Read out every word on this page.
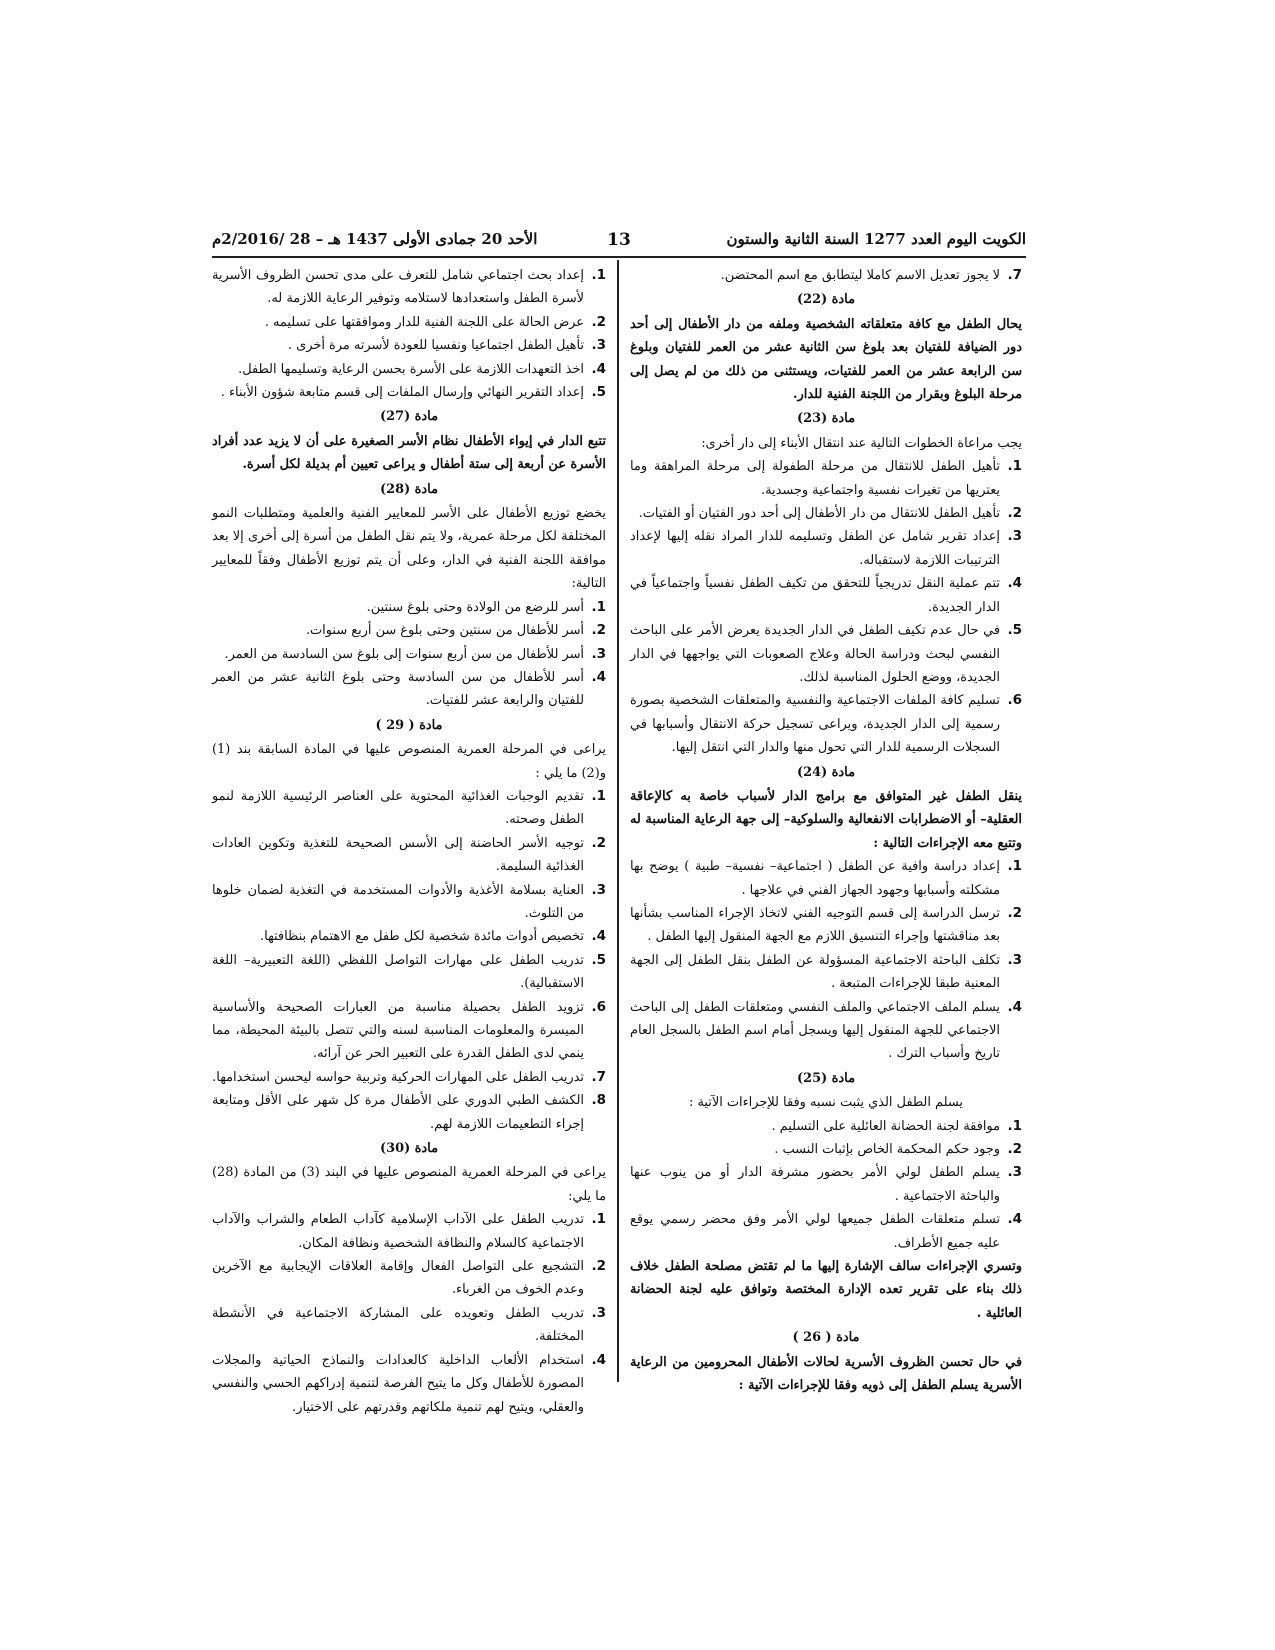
الكويت اليوم العدد 1277 السنة الثانية والستون
13
الأحد 20 جمادى الأولى 1437 هـ – 28 /2/2016م
7.
لا يجوز تعديل الاسم كاملا ليتطابق مع اسم المحتضن.
مادة (22)

يحال الطفل مع كافة متعلقاته الشخصية وملفه من دار الأطفال إلى أحد دور الضيافة للفتيان بعد بلوغ سن الثانية عشر من العمر للفتيان وبلوغ سن الرابعة عشر من العمر للفتيات، ويستثنى من ذلك من لم يصل إلى مرحلة البلوغ وبقرار من اللجنة الفنية للدار.

مادة (23)

يجب مراعاة الخطوات التالية عند انتقال الأبناء إلى دار أخرى:

1.
تأهيل الطفل للانتقال من مرحلة الطفولة إلى مرحلة المراهقة وما يعتريها من تغيرات نفسية واجتماعية وجسدية.
2.
تأهيل الطفل للانتقال من دار الأطفال إلى أحد دور الفتيان أو الفتيات.
3.
إعداد تقرير شامل عن الطفل وتسليمه للدار المراد نقله إليها لإعداد الترتيبات اللازمة لاستقباله.
4.
تتم عملية النقل تدريجياً للتحقق من تكيف الطفل نفسياً واجتماعياً في الدار الجديدة.
5.
في حال عدم تكيف الطفل في الدار الجديدة يعرض الأمر على الباحث النفسي لبحث ودراسة الحالة وعلاج الصعوبات التي يواجهها في الدار الجديدة، ووضع الحلول المناسبة لذلك.
6.
تسليم كافة الملفات الاجتماعية والنفسية والمتعلقات الشخصية بصورة رسمية إلى الدار الجديدة، ويراعى تسجيل حركة الانتقال وأسبابها في السجلات الرسمية للدار التي تحول منها والدار التي انتقل إليها.
مادة (24)

ينقل الطفل غير المتوافق مع برامج الدار لأسباب خاصة به كالإعاقة العقلية– أو الاضطرابات الانفعالية والسلوكية– إلى جهة الرعاية المناسبة له وتتبع معه الإجراءات التالية :

1.
إعداد دراسة وافية عن الطفل ( اجتماعية– نفسية– طبية ) يوضح بها مشكلته وأسبابها وجهود الجهاز الفني في علاجها .
2.
ترسل الدراسة إلى قسم التوجيه الفني لاتخاذ الإجراء المناسب بشأنها بعد مناقشتها وإجراء التنسيق اللازم مع الجهة المنقول إليها الطفل .
3.
تكلف الباحثة الاجتماعية المسؤولة عن الطفل بنقل الطفل إلى الجهة المعنية طبقا للإجراءات المتبعة .
4.
يسلم الملف الاجتماعي والملف النفسي ومتعلقات الطفل إلى الباحث الاجتماعي للجهة المنقول إليها ويسجل أمام اسم الطفل بالسجل العام تاريخ وأسباب الترك .
مادة (25)

يسلم الطفل الذي يثبت نسبه وفقا للإجراءات الآتية :

1.
موافقة لجنة الحضانة العائلية على التسليم .
2.
وجود حكم المحكمة الخاص بإثبات النسب .
3.
يسلم الطفل لولي الأمر بحضور مشرفة الدار أو من ينوب عنها والباحثة الاجتماعية .
4.
تسلم متعلقات الطفل جميعها لولي الأمر وفق محضر رسمي يوقع عليه جميع الأطراف.

وتسري الإجراءات سالف الإشارة إليها ما لم تقتض مصلحة الطفل خلاف ذلك بناء على تقرير تعده الإدارة المختصة وتوافق عليه لجنة الحضانة العائلية .

مادة ( 26 )

في حال تحسن الظروف الأسرية لحالات الأطفال المحرومين من الرعاية الأسرية يسلم الطفل إلى ذويه وفقا للإجراءات الآتية :

1.
إعداد بحث اجتماعي شامل للتعرف على مدى تحسن الظروف الأسرية لأسرة الطفل واستعدادها لاستلامه وتوفير الرعاية اللازمة له.
2.
عرض الحالة على اللجنة الفنية للدار وموافقتها على تسليمه .
3.
تأهيل الطفل اجتماعيا ونفسيا للعودة لأسرته مرة أخرى .
4.
اخذ التعهدات اللازمة على الأسرة بحسن الرعاية وتسليمها الطفل.
5.
إعداد التقرير النهائي وإرسال الملفات إلى قسم متابعة شؤون الأبناء .
مادة (27)

تتبع الدار في إيواء الأطفال نظام الأسر الصغيرة على أن لا يزيد عدد أفراد الأسرة عن أربعة إلى ستة أطفال و يراعى تعيين أم بديلة لكل أسرة.

مادة (28)

يخضع توزيع الأطفال على الأسر للمعايير الفنية والعلمية ومتطلبات النمو المختلفة لكل مرحلة عمرية، ولا يتم نقل الطفل من أسرة إلى أخرى إلا بعد موافقة اللجنة الفنية في الدار، وعلى أن يتم توزيع الأطفال وفقاً للمعايير التالية:

1.
أسر للرضع من الولادة وحتى بلوغ سنتين.
2.
أسر للأطفال من سنتين وحتى بلوغ سن أربع سنوات.
3.
أسر للأطفال من سن أربع سنوات إلى بلوغ سن السادسة من العمر.
4.
أسر للأطفال من سن السادسة وحتى بلوغ الثانية عشر من العمر للفتيان والرابعة عشر للفتيات.
مادة ( 29 )

يراعى في المرحلة العمرية المنصوص عليها في المادة السابقة بند (1) و(2) ما يلي :

1.
تقديم الوجبات الغذائية المحتوية على العناصر الرئيسية اللازمة لنمو الطفل وصحته.
2.
توجيه الأسر الحاضنة إلى الأسس الصحيحة للتغذية وتكوين العادات الغذائية السليمة.
3.
العناية بسلامة الأغذية والأدوات المستخدمة في التغذية لضمان خلوها من التلوث.
4.
تخصيص أدوات مائدة شخصية لكل طفل مع الاهتمام بنظافتها.
5.
تدريب الطفل على مهارات التواصل اللفظي (اللغة التعبيرية– اللغة الاستقبالية).
6.
تزويد الطفل بحصيلة مناسبة من العبارات الصحيحة والأساسية الميسرة والمعلومات المناسبة لسنه والتي تتصل بالبيئة المحيطة، مما ينمي لدى الطفل القدرة على التعبير الحر عن آرائه.
7.
تدريب الطفل على المهارات الحركية وتربية حواسه ليحسن استخدامها.
8.
الكشف الطبي الدوري على الأطفال مرة كل شهر على الأقل ومتابعة إجراء التطعيمات اللازمة لهم.
مادة (30)

يراعى في المرحلة العمرية المنصوص عليها في البند (3) من المادة (28) ما يلي:

1.
تدريب الطفل على الآداب الإسلامية كآداب الطعام والشراب والآداب الاجتماعية كالسلام والنظافة الشخصية ونظافة المكان.
2.
التشجيع على التواصل الفعال وإقامة العلاقات الإيجابية مع الآخرين وعدم الخوف من الغرباء.
3.
تدريب الطفل وتعويده على المشاركة الاجتماعية في الأنشطة المختلفة.
4.
استخدام الألعاب الداخلية كالعدادات والنماذج الحياتية والمجلات المصورة للأطفال وكل ما يتيح الفرصة لتنمية إدراكهم الحسي والنفسي والعقلي، ويتيح لهم تنمية ملكاتهم وقدرتهم على الاختيار.
